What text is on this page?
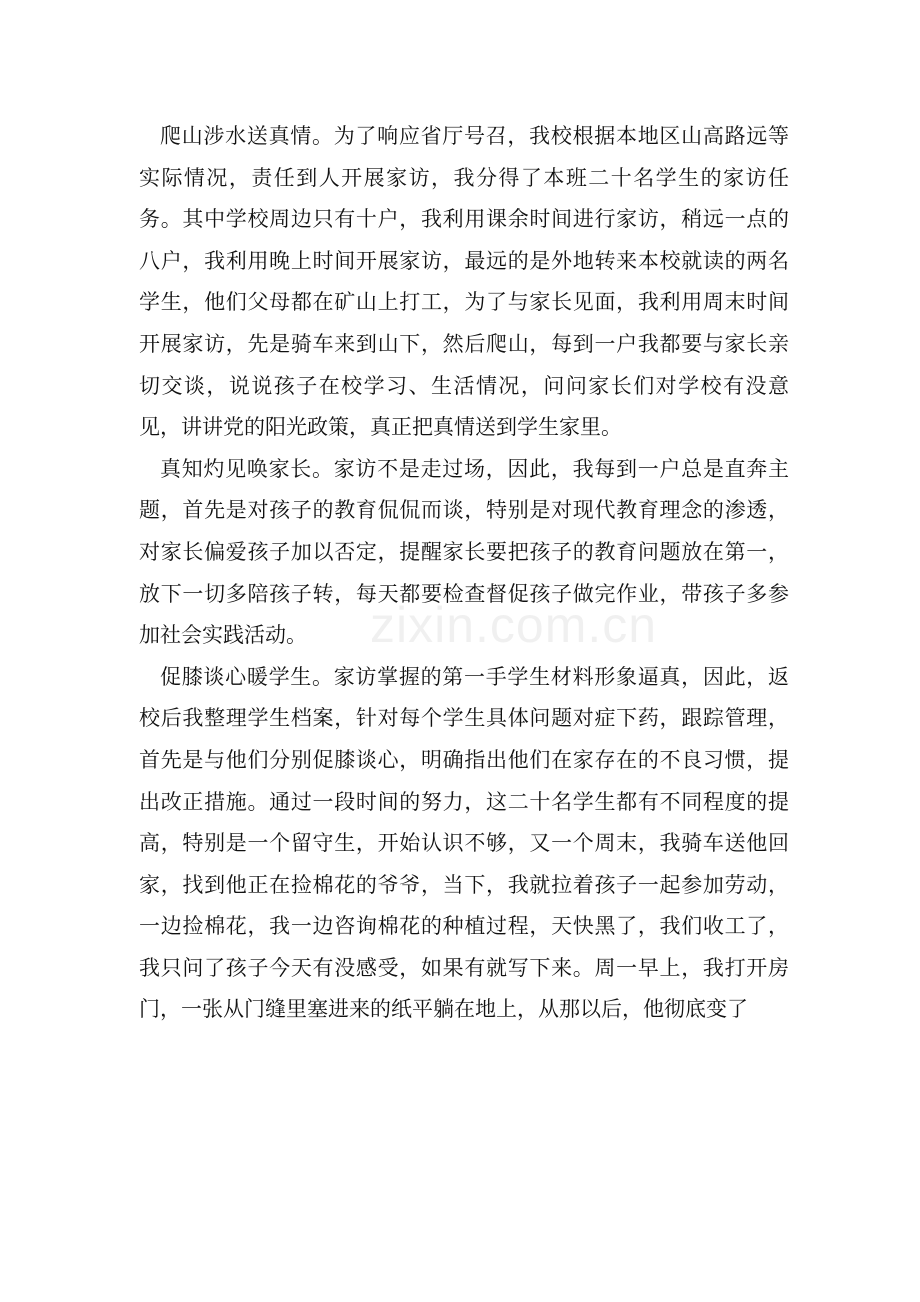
爬山涉水送真情。为了响应省厅号召，我校根据本地区山高路远等实际情况，责任到人开展家访，我分得了本班二十名学生的家访任务。其中学校周边只有十户，我利用课余时间进行家访，稍远一点的八户，我利用晚上时间开展家访，最远的是外地转来本校就读的两名学生，他们父母都在矿山上打工，为了与家长见面，我利用周末时间开展家访，先是骑车来到山下，然后爬山，每到一户我都要与家长亲切交谈，说说孩子在校学习、生活情况，问问家长们对学校有没意见，讲讲党的阳光政策，真正把真情送到学生家里。

真知灼见唤家长。家访不是走过场，因此，我每到一户总是直奔主题，首先是对孩子的教育侃侃而谈，特别是对现代教育理念的渗透，对家长偏爱孩子加以否定，提醒家长要把孩子的教育问题放在第一，放下一切多陪孩子转，每天都要检查督促孩子做完作业，带孩子多参加社会实践活动。

促膝谈心暖学生。家访掌握的第一手学生材料形象逼真，因此，返校后我整理学生档案，针对每个学生具体问题对症下药，跟踪管理，首先是与他们分别促膝谈心，明确指出他们在家存在的不良习惯，提出改正措施。通过一段时间的努力，这二十名学生都有不同程度的提高，特别是一个留守生，开始认识不够，又一个周末，我骑车送他回家，找到他正在捡棉花的爷爷，当下，我就拉着孩子一起参加劳动，一边捡棉花，我一边咨询棉花的种植过程，天快黑了，我们收工了，我只问了孩子今天有没感受，如果有就写下来。周一早上，我打开房门，一张从门缝里塞进来的纸平躺在地上，从那以后，他彻底变了

zixin.com.cn
